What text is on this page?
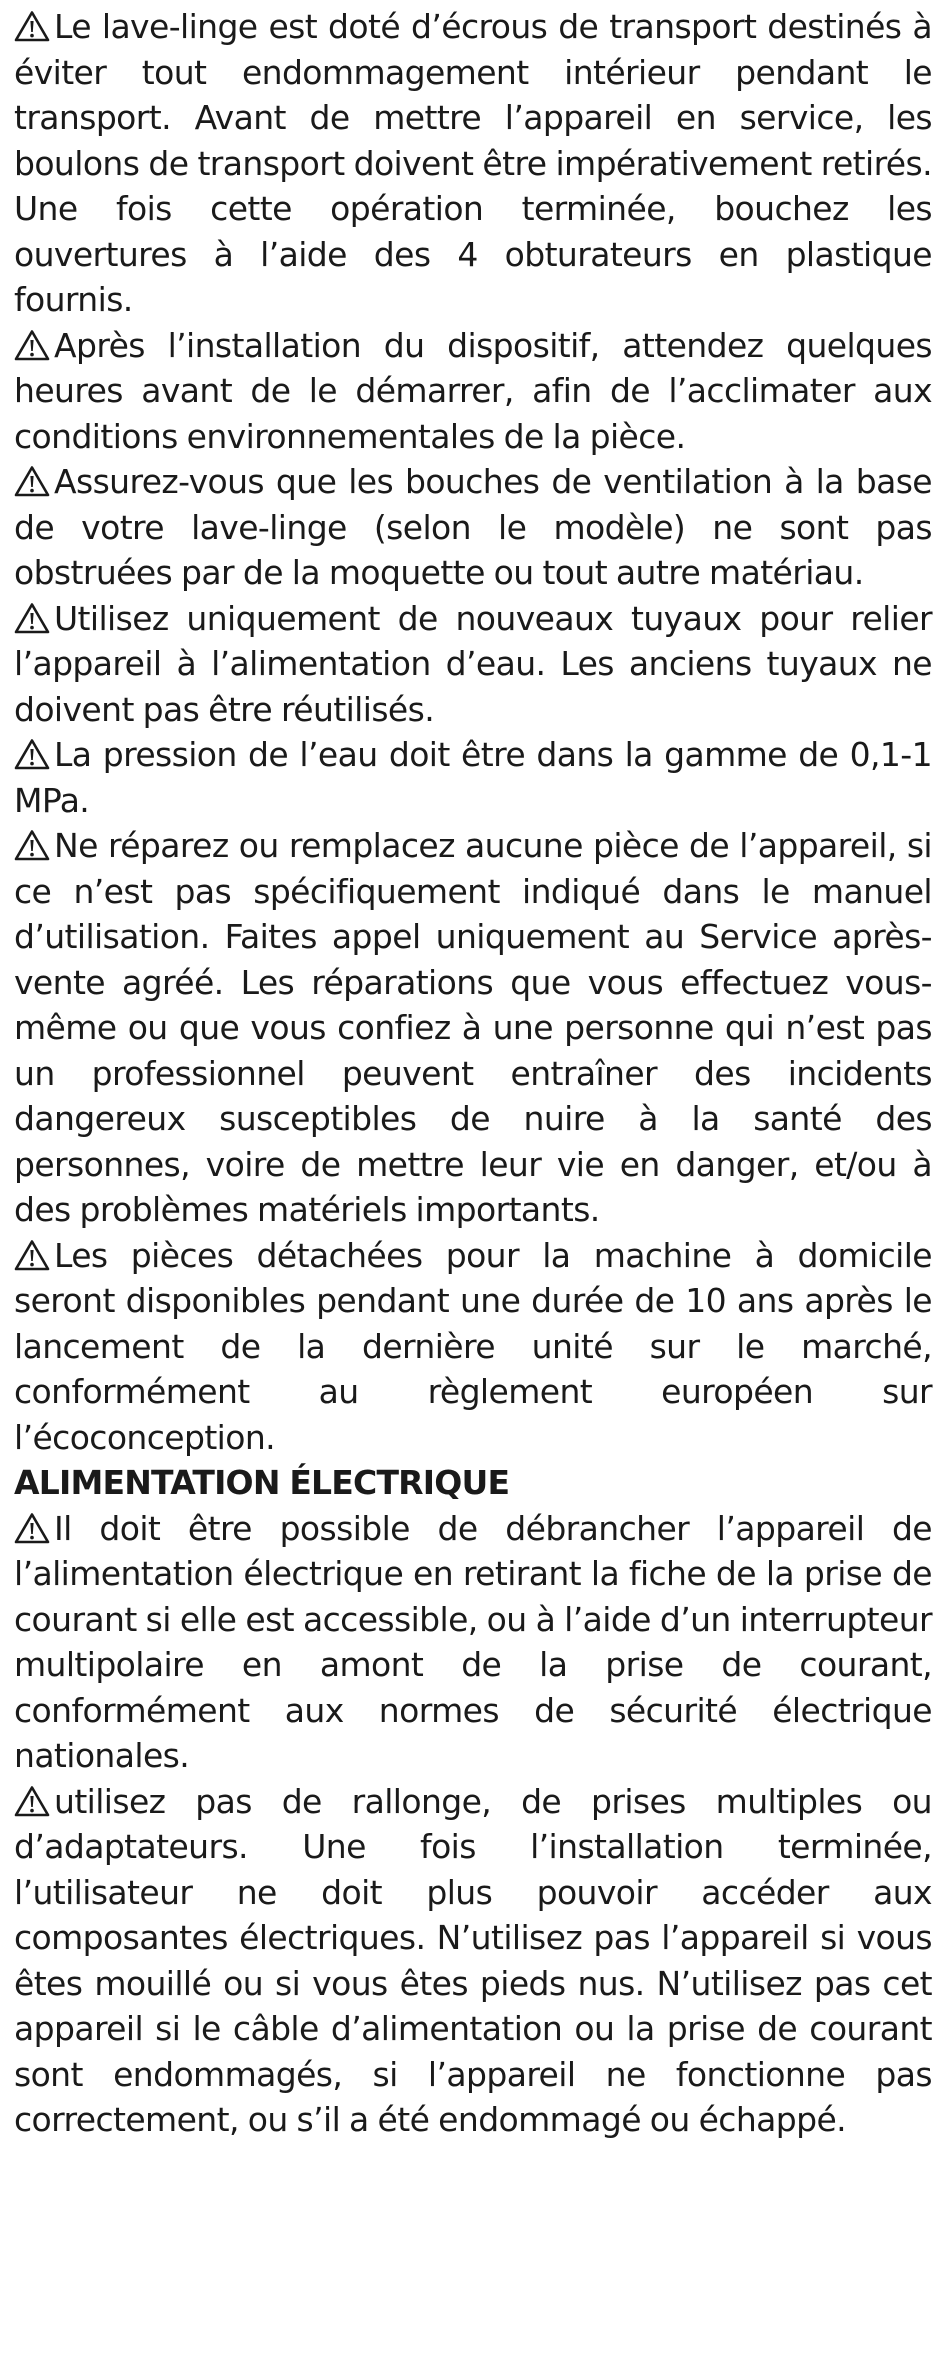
Le lave-linge est doté d’écrous de transport destinés à éviter tout endommagement intérieur pendant le transport. Avant de mettre l’appareil en service, les boulons de transport doivent être impérativement retirés. Une fois cette opération terminée, bouchez les ouvertures à l’aide des 4 obturateurs en plastique fournis.

Après l’installation du dispositif, attendez quelques heures avant de le démarrer, afin de l’acclimater aux conditions environnementales de la pièce.

Assurez-vous que les bouches de ventilation à la base de votre lave-linge (selon le modèle) ne sont pas obstruées par de la moquette ou tout autre matériau.

Utilisez uniquement de nouveaux tuyaux pour relier l’appareil à l’alimentation d’eau. Les anciens tuyaux ne doivent pas être réutilisés.

La pression de l’eau doit être dans la gamme de 0,1-1 MPa.

Ne réparez ou remplacez aucune pièce de l’appareil, si ce n’est pas spécifiquement indiqué dans le manuel d’utilisation. Faites appel uniquement au Service après-vente agréé. Les réparations que vous effectuez vous-même ou que vous confiez à une personne qui n’est pas un professionnel peuvent entraîner des incidents dangereux susceptibles de nuire à la santé des personnes, voire de mettre leur vie en danger, et/ou à des problèmes matériels importants.

Les pièces détachées pour la machine à domicile seront disponibles pendant une durée de 10 ans après le lancement de la dernière unité sur le marché, conformément au règlement européen sur l’écoconception.

ALIMENTATION ÉLECTRIQUE

Il doit être possible de débrancher l’appareil de l’alimentation électrique en retirant la fiche de la prise de courant si elle est accessible, ou à l’aide d’un interrupteur multipolaire en amont de la prise de courant, conformément aux normes de sécurité électrique nationales.

utilisez pas de rallonge, de prises multiples ou d’adaptateurs. Une fois l’installation terminée, l’utilisateur ne doit plus pouvoir accéder aux composantes électriques. N’utilisez pas l’appareil si vous êtes mouillé ou si vous êtes pieds nus. N’utilisez pas cet appareil si le câble d’alimentation ou la prise de courant sont endommagés, si l’appareil ne fonctionne pas correctement, ou s’il a été endommagé ou échappé.
